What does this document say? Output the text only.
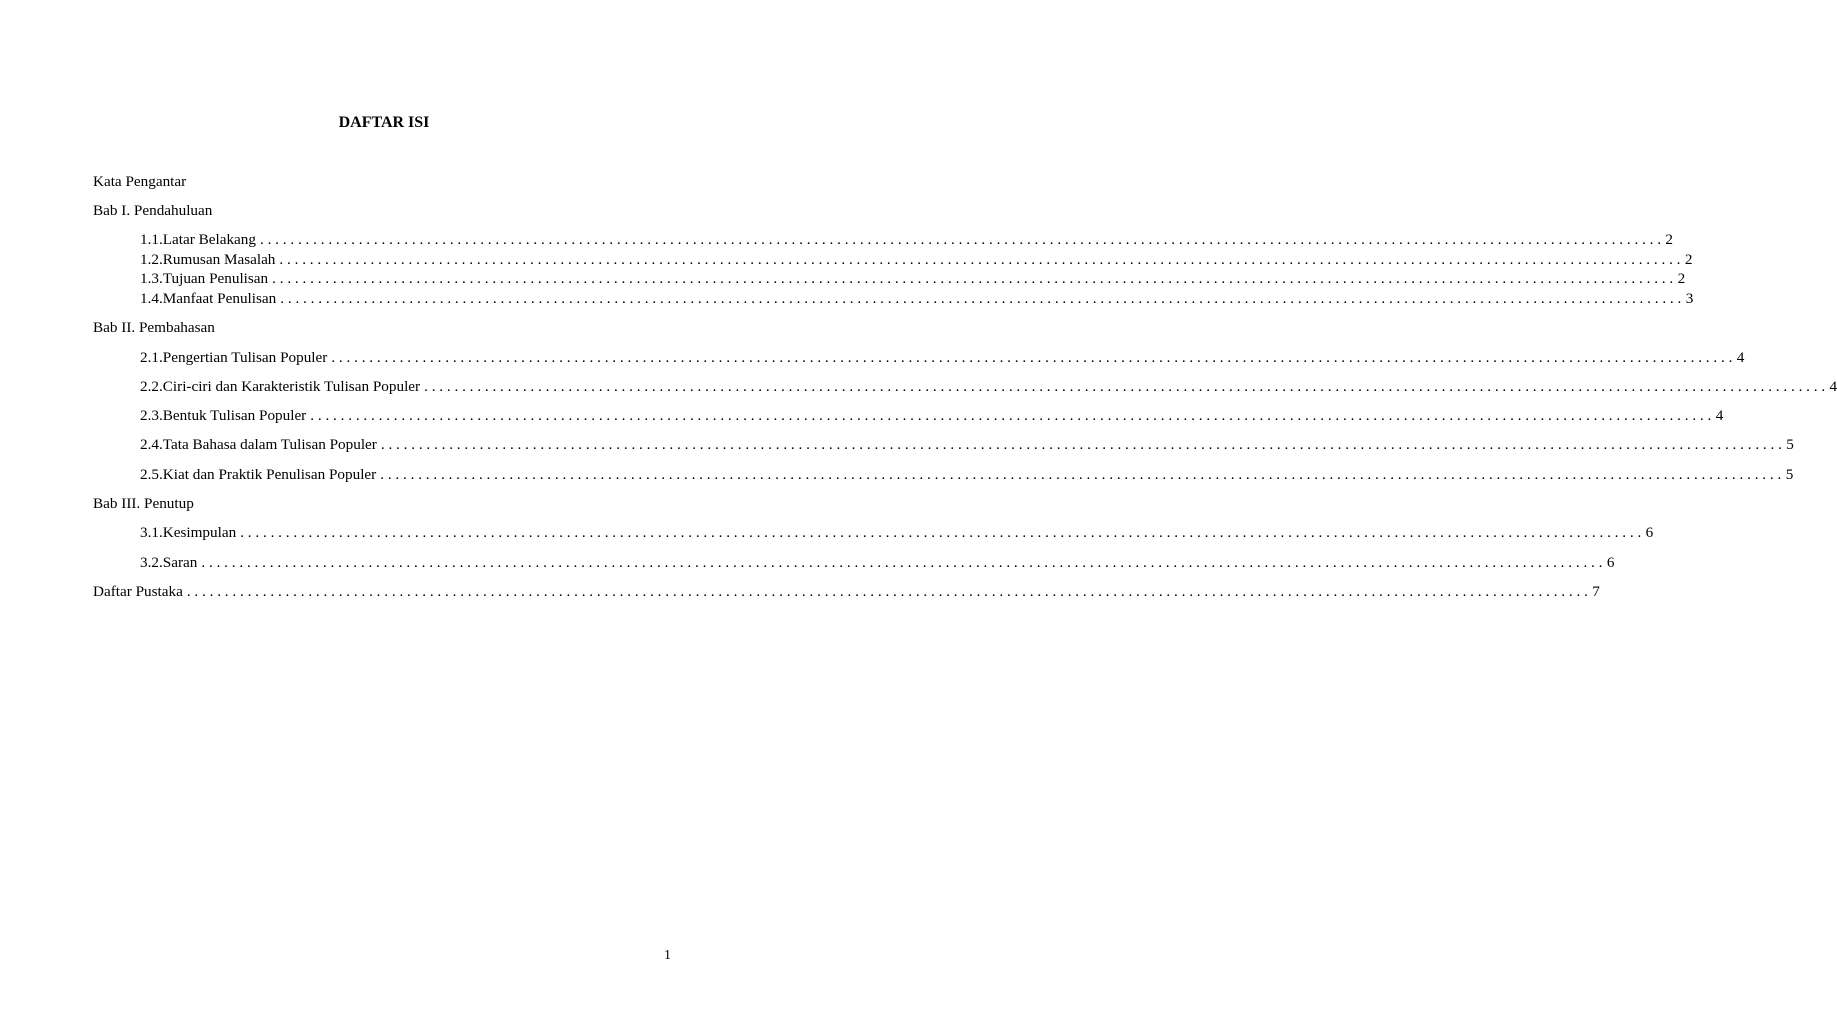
DAFTAR ISI
Kata Pengantar
Bab I. Pendahuluan
1.1. Latar Belakang . . . . . . . . . . . . . . . . . . . . . . . . . . . . . . . . . . . . . . . . . . . . . . . . . . . . . . . . . . . . . . . . . . . . . . . . . . . . . . . . . . . . . . . . . . . . . . . . . . . . . . . . . . . . . . . . . . . . . . . . . . . . . . . . . . . . . . . . . . . . . . . . . . . . . . . . . . . . . . . . . . . . . . . . . . . . . . . . . . . . . . . . . 2
1.2. Rumusan Masalah . . . . . . . . . . . . . . . . . . . . . . . . . . . . . . . . . . . . . . . . . . . . . . . . . . . . . . . . . . . . . . . . . . . . . . . . . . . . . . . . . . . . . . . . . . . . . . . . . . . . . . . . . . . . . . . . . . . . . . . . . . . . . . . . . . . . . . . . . . . . . . . . . . . . . . . . . . . . . . . . . . . . . . . . . . . . . . . . . . . . . . . . . 2
1.3. Tujuan Penulisan . . . . . . . . . . . . . . . . . . . . . . . . . . . . . . . . . . . . . . . . . . . . . . . . . . . . . . . . . . . . . . . . . . . . . . . . . . . . . . . . . . . . . . . . . . . . . . . . . . . . . . . . . . . . . . . . . . . . . . . . . . . . . . . . . . . . . . . . . . . . . . . . . . . . . . . . . . . . . . . . . . . . . . . . . . . . . . . . . . . . . . . . . 2
1.4. Manfaat Penulisan . . . . . . . . . . . . . . . . . . . . . . . . . . . . . . . . . . . . . . . . . . . . . . . . . . . . . . . . . . . . . . . . . . . . . . . . . . . . . . . . . . . . . . . . . . . . . . . . . . . . . . . . . . . . . . . . . . . . . . . . . . . . . . . . . . . . . . . . . . . . . . . . . . . . . . . . . . . . . . . . . . . . . . . . . . . . . . . . . . . . . . . . . 3
Bab II. Pembahasan
2.1. Pengertian Tulisan Populer . . . . . . . . . . . . . . . . . . . . . . . . . . . . . . . . . . . . . . . . . . . . . . . . . . . . . . . . . . . . . . . . . . . . . . . . . . . . . . . . . . . . . . . . . . . . . . . . . . . . . . . . . . . . . . . . . . . . . . . . . . . . . . . . . . . . . . . . . . . . . . . . . . . . . . . . . . . . . . . . . . . . . . . . . . . . . . . . . . . . . . . . . 4
2.2. Ciri-ciri dan Karakteristik Tulisan Populer . . . . . . . . . . . . . . . . . . . . . . . . . . . . . . . . . . . . . . . . . . . . . . . . . . . . . . . . . . . . . . . . . . . . . . . . . . . . . . . . . . . . . . . . . . . . . . . . . . . . . . . . . . . . . . . . . . . . . . . . . . . . . . . . . . . . . . . . . . . . . . . . . . . . . . . . . . . . . . . . . . . . . . . . . . . . . . . . . . . . . . . . . 4
2.3. Bentuk Tulisan Populer . . . . . . . . . . . . . . . . . . . . . . . . . . . . . . . . . . . . . . . . . . . . . . . . . . . . . . . . . . . . . . . . . . . . . . . . . . . . . . . . . . . . . . . . . . . . . . . . . . . . . . . . . . . . . . . . . . . . . . . . . . . . . . . . . . . . . . . . . . . . . . . . . . . . . . . . . . . . . . . . . . . . . . . . . . . . . . . . . . . . . . . . . 4
2.4. Tata Bahasa dalam Tulisan Populer . . . . . . . . . . . . . . . . . . . . . . . . . . . . . . . . . . . . . . . . . . . . . . . . . . . . . . . . . . . . . . . . . . . . . . . . . . . . . . . . . . . . . . . . . . . . . . . . . . . . . . . . . . . . . . . . . . . . . . . . . . . . . . . . . . . . . . . . . . . . . . . . . . . . . . . . . . . . . . . . . . . . . . . . . . . . . . . . . . . . . . . . . 5
2.5. Kiat dan Praktik Penulisan Populer . . . . . . . . . . . . . . . . . . . . . . . . . . . . . . . . . . . . . . . . . . . . . . . . . . . . . . . . . . . . . . . . . . . . . . . . . . . . . . . . . . . . . . . . . . . . . . . . . . . . . . . . . . . . . . . . . . . . . . . . . . . . . . . . . . . . . . . . . . . . . . . . . . . . . . . . . . . . . . . . . . . . . . . . . . . . . . . . . . . . . . . . . 5
Bab III. Penutup
3.1. Kesimpulan . . . . . . . . . . . . . . . . . . . . . . . . . . . . . . . . . . . . . . . . . . . . . . . . . . . . . . . . . . . . . . . . . . . . . . . . . . . . . . . . . . . . . . . . . . . . . . . . . . . . . . . . . . . . . . . . . . . . . . . . . . . . . . . . . . . . . . . . . . . . . . . . . . . . . . . . . . . . . . . . . . . . . . . . . . . . . . . . . . . . . . . . . 6
3.2. Saran . . . . . . . . . . . . . . . . . . . . . . . . . . . . . . . . . . . . . . . . . . . . . . . . . . . . . . . . . . . . . . . . . . . . . . . . . . . . . . . . . . . . . . . . . . . . . . . . . . . . . . . . . . . . . . . . . . . . . . . . . . . . . . . . . . . . . . . . . . . . . . . . . . . . . . . . . . . . . . . . . . . . . . . . . . . . . . . . . . . . . . . . . 6
Daftar Pustaka . . . . . . . . . . . . . . . . . . . . . . . . . . . . . . . . . . . . . . . . . . . . . . . . . . . . . . . . . . . . . . . . . . . . . . . . . . . . . . . . . . . . . . . . . . . . . . . . . . . . . . . . . . . . . . . . . . . . . . . . . . . . . . . . . . . . . . . . . . . . . . . . . . . . . . . . . . . . . . . . . . . . . . . . . . . . . . . . . . . . . . . . . 7
1
